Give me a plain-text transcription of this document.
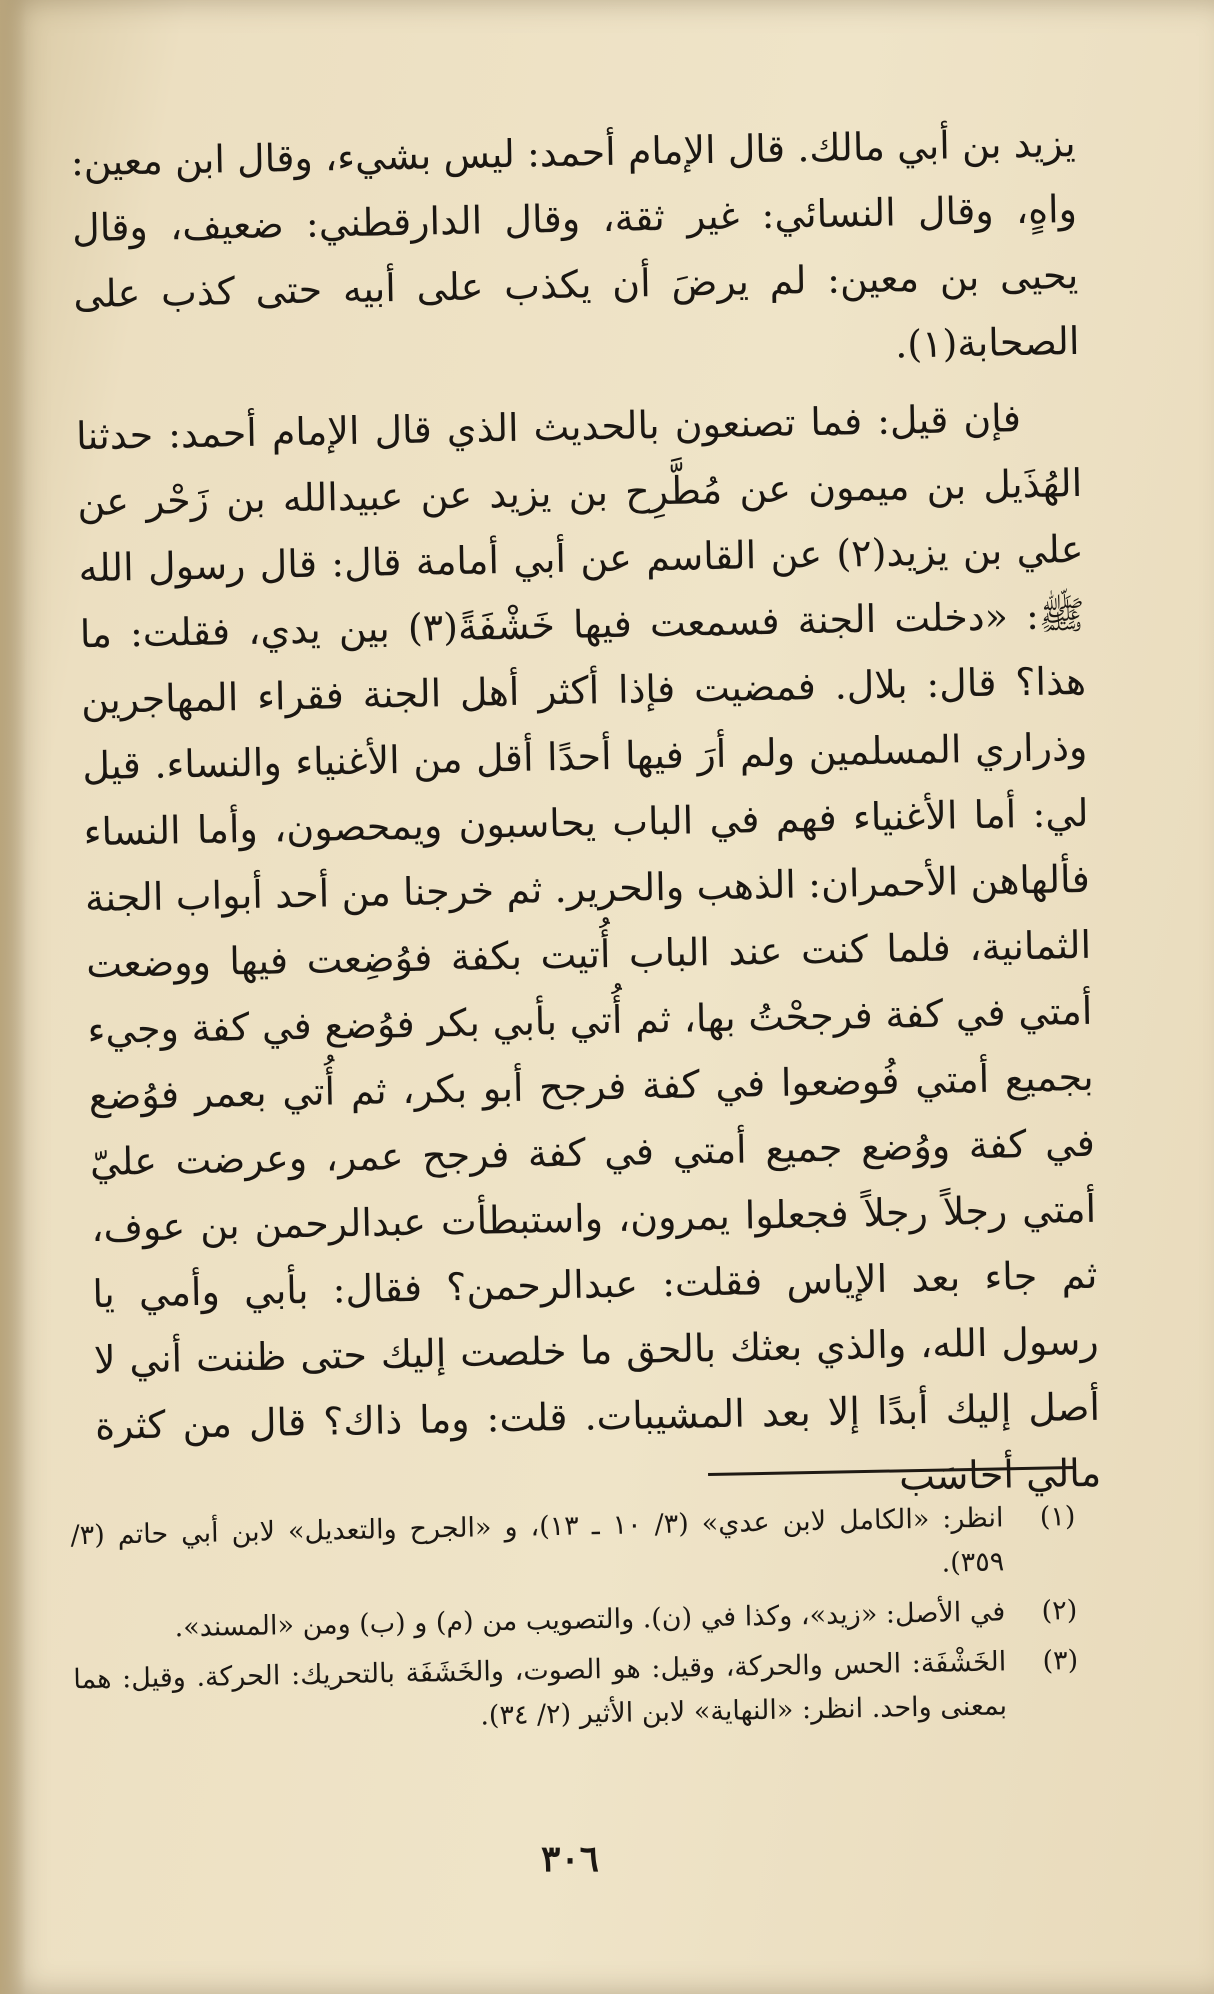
يزيد بن أبي مالك. قال الإمام أحمد: ليس بشيء، وقال ابن معين: واهٍ، وقال النسائي: غير ثقة، وقال الدارقطني: ضعيف، وقال يحيى بن معين: لم يرضَ أن يكذب على أبيه حتى كذب على الصحابة(١).

فإن قيل: فما تصنعون بالحديث الذي قال الإمام أحمد: حدثنا الهُذَيل بن ميمون عن مُطَّرِح بن يزيد عن عبيدالله بن زَحْر عن علي بن يزيد(٢) عن القاسم عن أبي أمامة قال: قال رسول الله ﷺ: «دخلت الجنة فسمعت فيها خَشْفَةً(٣) بين يدي، فقلت: ما هذا؟ قال: بلال. فمضيت فإذا أكثر أهل الجنة فقراء المهاجرين وذراري المسلمين ولم أرَ فيها أحدًا أقل من الأغنياء والنساء. قيل لي: أما الأغنياء فهم في الباب يحاسبون ويمحصون، وأما النساء فألهاهن الأحمران: الذهب والحرير. ثم خرجنا من أحد أبواب الجنة الثمانية، فلما كنت عند الباب أُتيت بكفة فوُضِعت فيها ووضعت أمتي في كفة فرجحْتُ بها، ثم أُتي بأبي بكر فوُضع في كفة وجيء بجميع أمتي فُوضعوا في كفة فرجح أبو بكر، ثم أُتي بعمر فوُضع في كفة ووُضع جميع أمتي في كفة فرجح عمر، وعرضت عليّ أمتي رجلاً رجلاً فجعلوا يمرون، واستبطأت عبدالرحمن بن عوف، ثم جاء بعد الإياس فقلت: عبدالرحمن؟ فقال: بأبي وأمي يا رسول الله، والذي بعثك بالحق ما خلصت إليك حتى ظننت أني لا أصل إليك أبدًا إلا بعد المشيبات. قلت: وما ذاك؟ قال من كثرة مالي أحاسَب

(١)
انظر: «الكامل لابن عدي» (٣/ ١٠ ـ ١٣)، و «الجرح والتعديل» لابن أبي حاتم (٣/ ٣٥٩).
(٢)
في الأصل: «زيد»، وكذا في (ن). والتصويب من (م) و (ب) ومن «المسند».
(٣)
الخَشْفَة: الحس والحركة، وقيل: هو الصوت، والخَشَفَة بالتحريك: الحركة. وقيل: هما بمعنى واحد. انظر: «النهاية» لابن الأثير (٢/ ٣٤).
٣٠٦
